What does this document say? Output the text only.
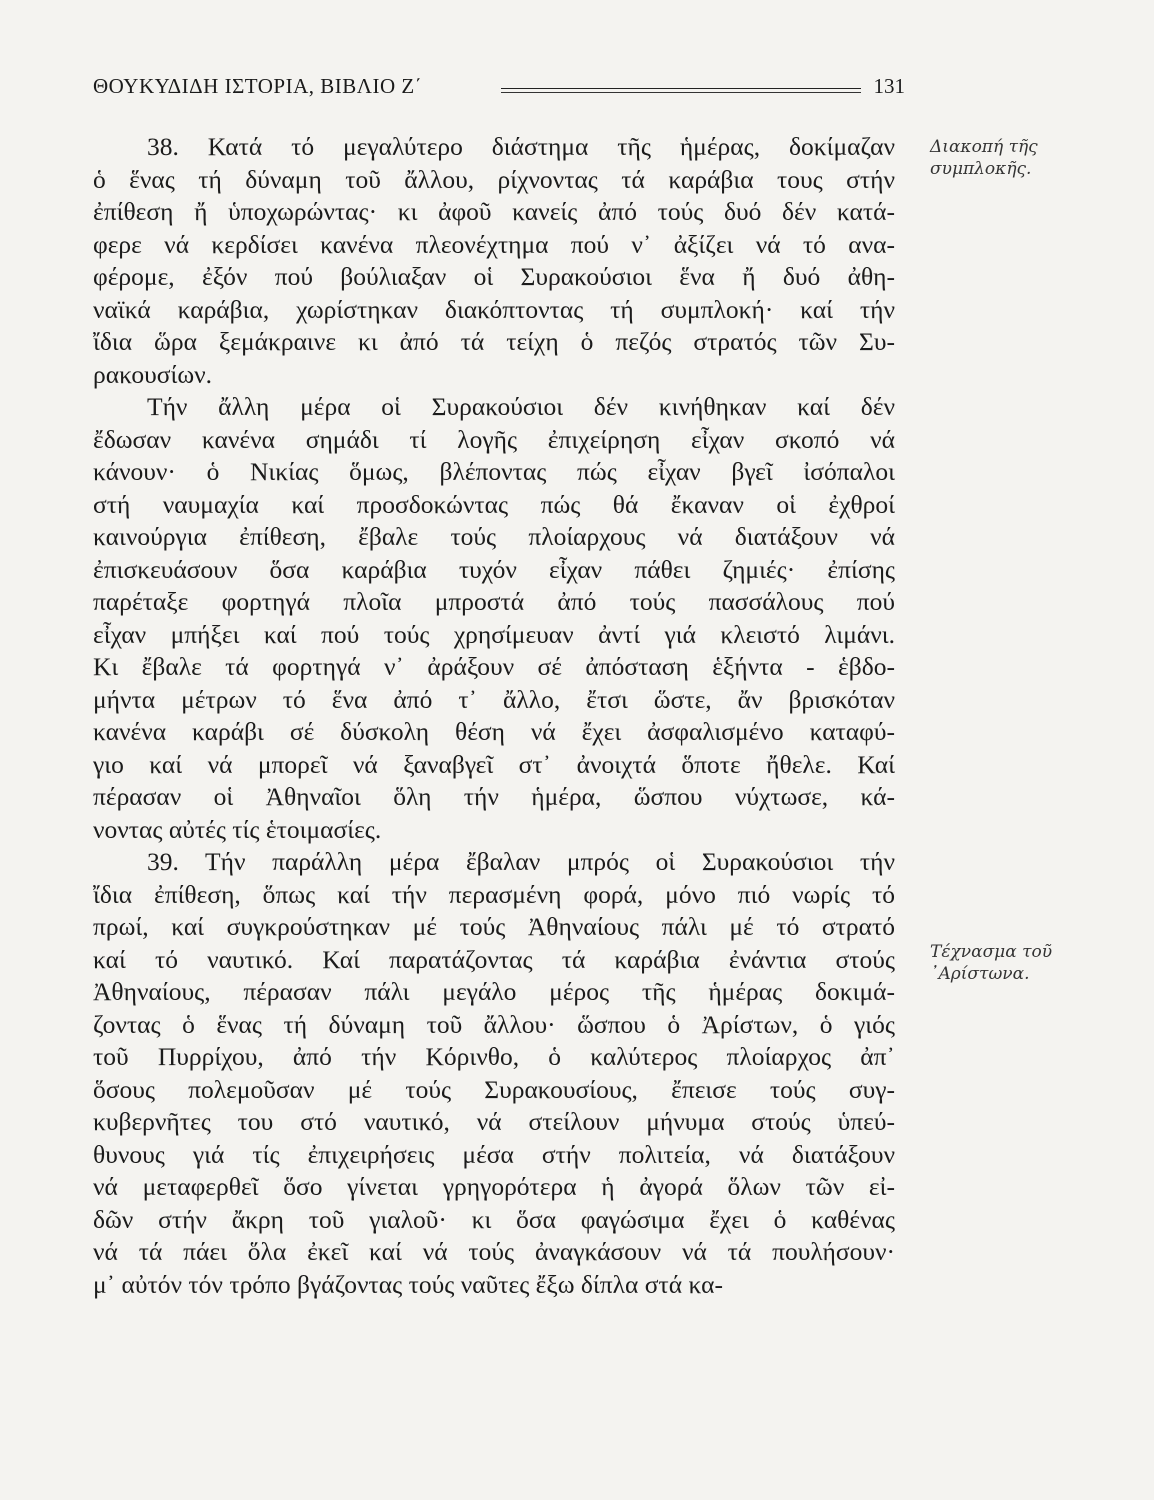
ΘΟΥΚΥΔΙΔΗ ΙΣΤΟΡΙΑ, ΒΙΒΛΙΟ Ζ΄	131
38. Κατά τό μεγαλύτερο διάστημα τῆς ἡμέρας, δοκίμαζαν
ὁ ἕνας τή δύναμη τοῦ ἄλλου, ρίχνοντας τά καράβια τους στήν
ἐπίθεση ἤ ὑποχωρώντας· κι ἀφοῦ κανείς ἀπό τούς δυό δέν κατά-
φερε νά κερδίσει κανένα πλεονέχτημα πού ν᾽ ἀξίζει νά τό ανα-
φέρομε, ἐξόν πού βούλιαξαν οἱ Συρακούσιοι ἕνα ἤ δυό ἀθη-
ναϊκά καράβια, χωρίστηκαν διακόπτοντας τή συμπλοκή· καί τήν
ἴδια ὥρα ξεμάκραινε κι ἀπό τά τείχη ὁ πεζός στρατός τῶν Συ-
ρακουσίων.
Τήν ἄλλη μέρα οἱ Συρακούσιοι δέν κινήθηκαν καί δέν
ἔδωσαν κανένα σημάδι τί λογῆς ἐπιχείρηση εἶχαν σκοπό νά
κάνουν· ὁ Νικίας ὅμως, βλέποντας πώς εἶχαν βγεῖ ἰσόπαλοι
στή ναυμαχία καί προσδοκώντας πώς θά ἔκαναν οἱ ἐχθροί
καινούργια ἐπίθεση, ἔβαλε τούς πλοίαρχους νά διατάξουν νά
ἐπισκευάσουν ὅσα καράβια τυχόν εἶχαν πάθει ζημιές· ἐπίσης
παρέταξε φορτηγά πλοῖα μπροστά ἀπό τούς πασσάλους πού
εἶχαν μπήξει καί πού τούς χρησίμευαν ἀντί γιά κλειστό λιμάνι.
Κι ἔβαλε τά φορτηγά ν᾽ ἀράξουν σέ ἀπόσταση ἑξήντα - ἑβδο-
μήντα μέτρων τό ἕνα ἀπό τ᾽ ἄλλο, ἔτσι ὥστε, ἄν βρισκόταν
κανένα καράβι σέ δύσκολη θέση νά ἔχει ἀσφαλισμένο καταφύ-
γιο καί νά μπορεῖ νά ξαναβγεῖ στ᾽ ἀνοιχτά ὅποτε ἤθελε. Καί
πέρασαν οἱ Ἀθηναῖοι ὅλη τήν ἡμέρα, ὥσπου νύχτωσε, κά-
νοντας αὐτές τίς ἑτοιμασίες.
39. Τήν παράλλη μέρα ἔβαλαν μπρός οἱ Συρακούσιοι τήν
ἴδια ἐπίθεση, ὅπως καί τήν περασμένη φορά, μόνο πιό νωρίς τό
πρωί, καί συγκρούστηκαν μέ τούς Ἀθηναίους πάλι μέ τό στρατό
καί τό ναυτικό. Καί παρατάζοντας τά καράβια ἐνάντια στούς
Ἀθηναίους, πέρασαν πάλι μεγάλο μέρος τῆς ἡμέρας δοκιμά-
ζοντας ὁ ἕνας τή δύναμη τοῦ ἄλλου· ὥσπου ὁ Ἀρίστων, ὁ γιός
τοῦ Πυρρίχου, ἀπό τήν Κόρινθο, ὁ καλύτερος πλοίαρχος ἀπ᾽
ὅσους πολεμοῦσαν μέ τούς Συρακουσίους, ἔπεισε τούς συγ-
κυβερνῆτες του στό ναυτικό, νά στείλουν μήνυμα στούς ὑπεύ-
θυνους γιά τίς ἐπιχειρήσεις μέσα στήν πολιτεία, νά διατάξουν
νά μεταφερθεῖ ὅσο γίνεται γρηγορότερα ἡ ἀγορά ὅλων τῶν εἰ-
δῶν στήν ἄκρη τοῦ γιαλοῦ· κι ὅσα φαγώσιμα ἔχει ὁ καθένας
νά τά πάει ὅλα ἐκεῖ καί νά τούς ἀναγκάσουν νά τά πουλήσουν·
μ᾽ αὐτόν τόν τρόπο βγάζοντας τούς ναῦτες ἔξω δίπλα στά κα-
Διακοπή τῆς
συμπλοκῆς.
Τέχνασμα τοῦ
᾽Αρίστωνα.
